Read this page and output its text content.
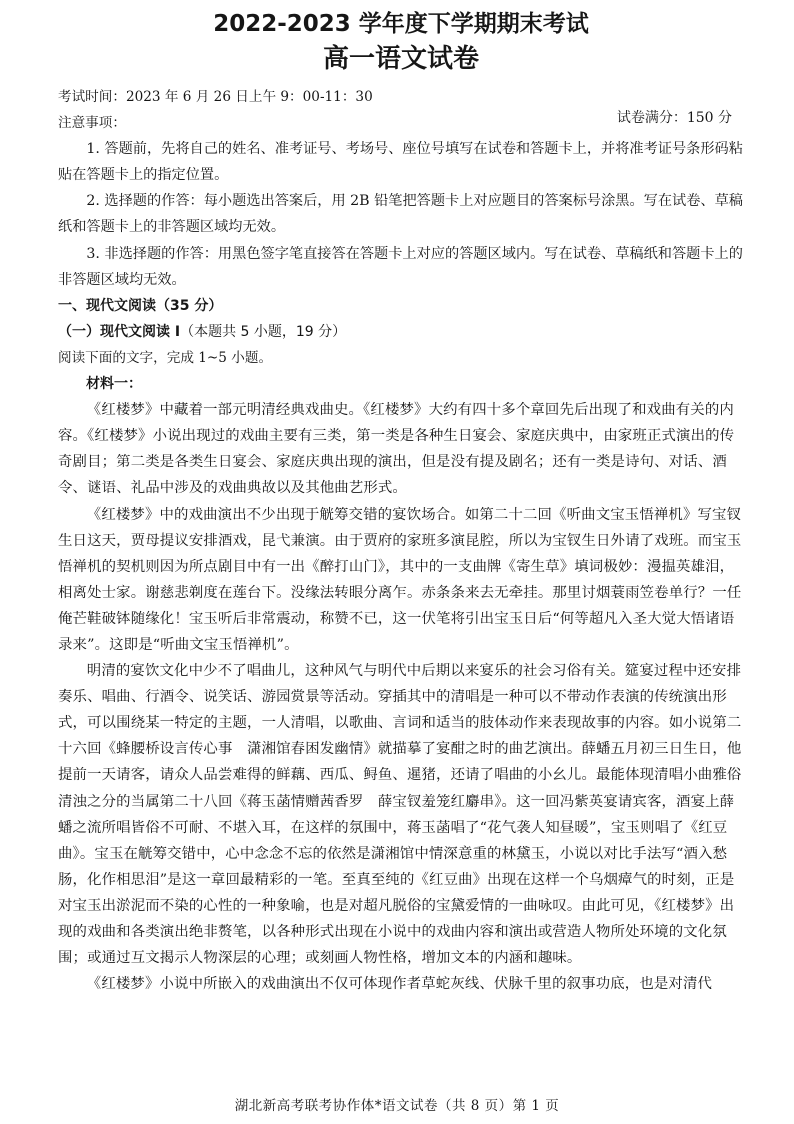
2022-2023 学年度下学期期末考试

高一语文试卷

试卷满分：150 分

考试时间：2023 年 6 月 26 日上午 9：00-11：30

注意事项：

1. 答题前，先将自己的姓名、准考证号、考场号、座位号填写在试卷和答题卡上，并将准考证号条形码粘贴在答题卡上的指定位置。

2. 选择题的作答：每小题选出答案后，用 2B 铅笔把答题卡上对应题目的答案标号涂黑。写在试卷、草稿纸和答题卡上的非答题区域均无效。

3. 非选择题的作答：用黑色签字笔直接答在答题卡上对应的答题区域内。写在试卷、草稿纸和答题卡上的非答题区域均无效。

一、现代文阅读（35 分）

（一）现代文阅读 I（本题共 5 小题，19 分）

阅读下面的文字，完成 1~5 小题。

材料一：

《红楼梦》中藏着一部元明清经典戏曲史。《红楼梦》大约有四十多个章回先后出现了和戏曲有关的内容。《红楼梦》小说出现过的戏曲主要有三类，第一类是各种生日宴会、家庭庆典中，由家班正式演出的传奇剧目；第二类是各类生日宴会、家庭庆典出现的演出，但是没有提及剧名；还有一类是诗句、对话、酒令、谜语、礼品中涉及的戏曲典故以及其他曲艺形式。

《红楼梦》中的戏曲演出不少出现于觥筹交错的宴饮场合。如第二十二回《听曲文宝玉悟禅机》写宝钗生日这天，贾母提议安排酒戏，昆弋兼演。由于贾府的家班多演昆腔，所以为宝钗生日外请了戏班。而宝玉悟禅机的契机则因为所点剧目中有一出《醉打山门》，其中的一支曲牌《寄生草》填词极妙：漫揾英雄泪，相离处士家。谢慈悲剃度在莲台下。没缘法转眼分离乍。赤条条来去无牵挂。那里讨烟蓑雨笠卷单行？一任俺芒鞋破钵随缘化！宝玉听后非常震动，称赞不已，这一伏笔将引出宝玉日后“何等超凡入圣大觉大悟诸语录来”。这即是“听曲文宝玉悟禅机”。

明清的宴饮文化中少不了唱曲儿，这种风气与明代中后期以来宴乐的社会习俗有关。筵宴过程中还安排奏乐、唱曲、行酒令、说笑话、游园赏景等活动。穿插其中的清唱是一种可以不带动作表演的传统演出形式，可以围绕某一特定的主题，一人清唱，以歌曲、言词和适当的肢体动作来表现故事的内容。如小说第二十六回《蜂腰桥设言传心事　潇湘馆春困发幽情》就描摹了宴酣之时的曲艺演出。薛蟠五月初三日生日，他提前一天请客，请众人品尝难得的鲜藕、西瓜、鲟鱼、暹猪，还请了唱曲的小幺儿。最能体现清唱小曲雅俗清浊之分的当属第二十八回《蒋玉菡情赠茜香罗　薛宝钗羞笼红麝串》。这一回冯紫英宴请宾客，酒宴上薛蟠之流所唱皆俗不可耐、不堪入耳，在这样的氛围中，蒋玉菡唱了“花气袭人知昼暖”，宝玉则唱了《红豆曲》。宝玉在觥筹交错中，心中念念不忘的依然是潇湘馆中情深意重的林黛玉，小说以对比手法写“酒入愁肠，化作相思泪”是这一章回最精彩的一笔。至真至纯的《红豆曲》出现在这样一个乌烟瘴气的时刻，正是对宝玉出淤泥而不染的心性的一种象喻，也是对超凡脱俗的宝黛爱情的一曲咏叹。由此可见，《红楼梦》出现的戏曲和各类演出绝非赘笔，以各种形式出现在小说中的戏曲内容和演出或营造人物所处环境的文化氛围；或通过互文揭示人物深层的心理；或刻画人物性格，增加文本的内涵和趣味。

《红楼梦》小说中所嵌入的戏曲演出不仅可体现作者草蛇灰线、伏脉千里的叙事功底，也是对清代

湖北新高考联考协作体*语文试卷（共 8 页）第 1 页
